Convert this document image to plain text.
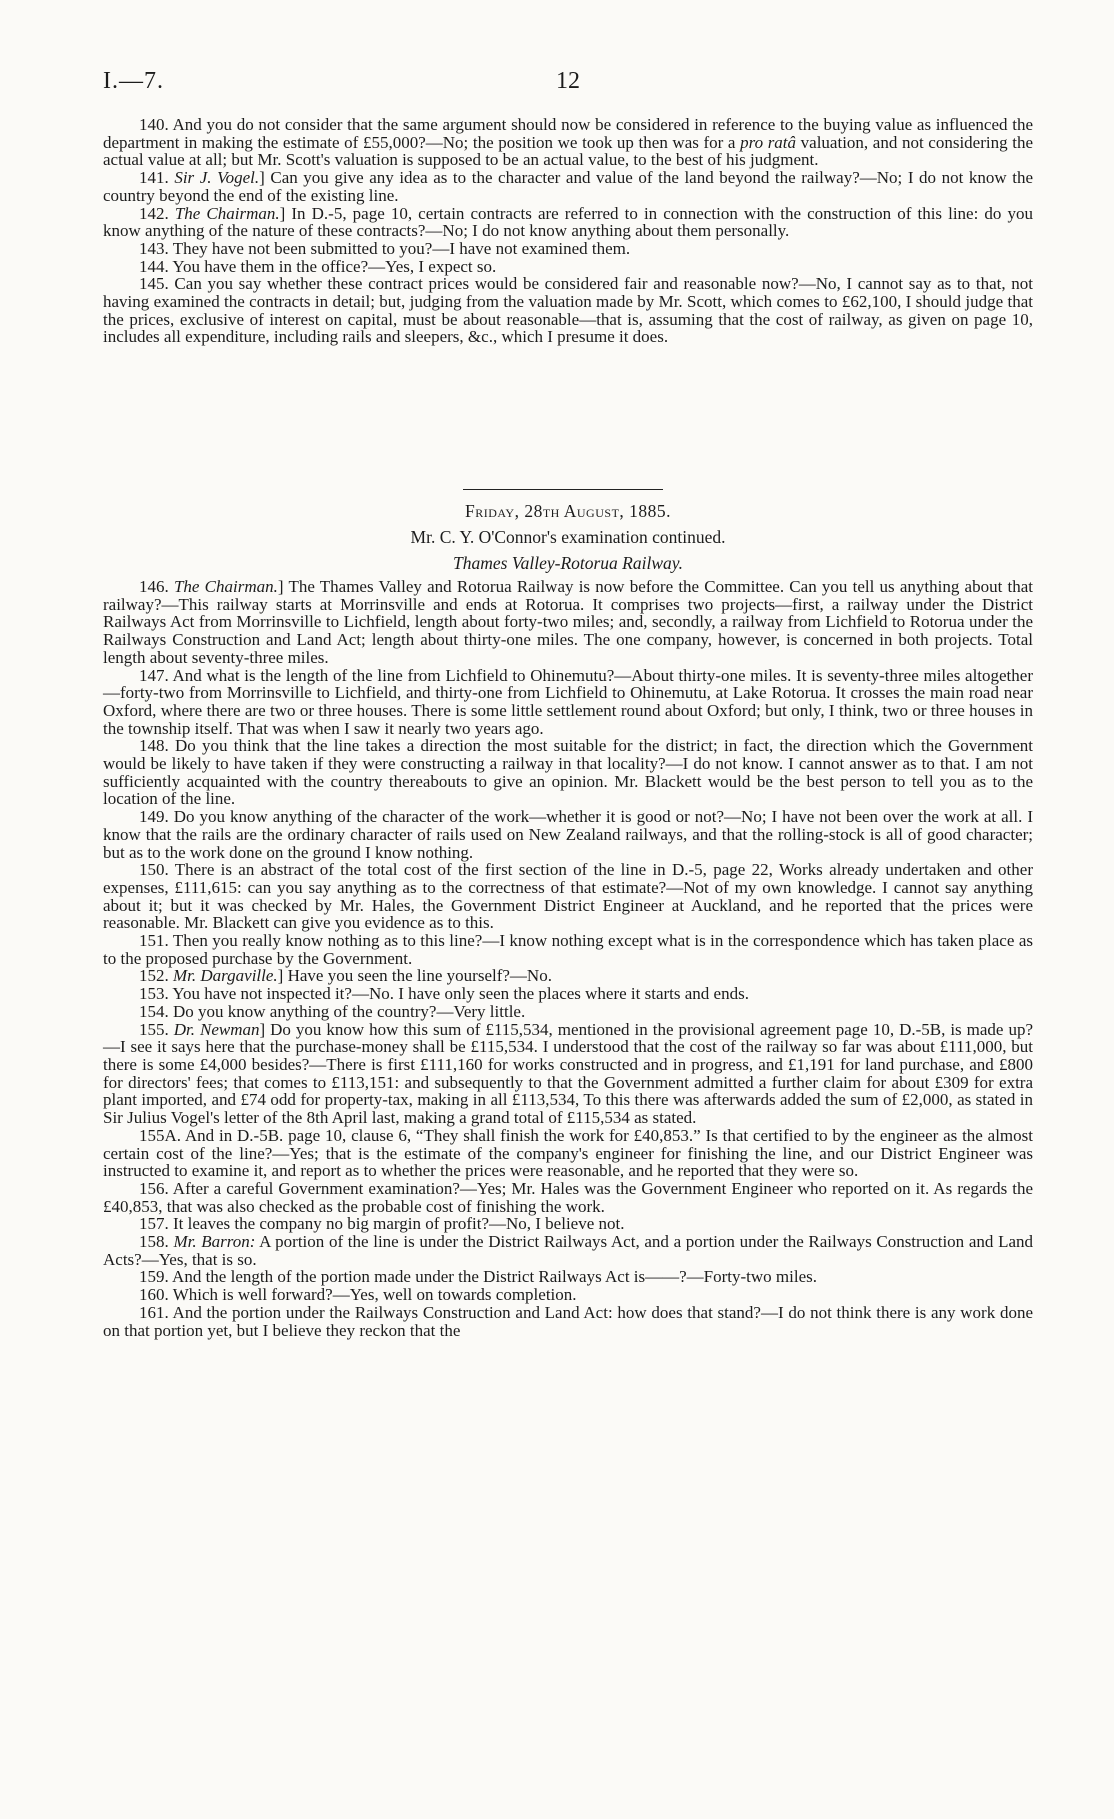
I.—7.	12

140. And you do not consider that the same argument should now be considered in reference to the buying value as influenced the department in making the estimate of £55,000?—No; the position we took up then was for a pro ratâ valuation, and not considering the actual value at all; but Mr. Scott's valuation is supposed to be an actual value, to the best of his judgment.

141. Sir J. Vogel.] Can you give any idea as to the character and value of the land beyond the railway?—No; I do not know the country beyond the end of the existing line.

142. The Chairman.] In D.-5, page 10, certain contracts are referred to in connection with the construction of this line: do you know anything of the nature of these contracts?—No; I do not know anything about them personally.

143. They have not been submitted to you?—I have not examined them.

144. You have them in the office?—Yes, I expect so.

145. Can you say whether these contract prices would be considered fair and reasonable now?—No, I cannot say as to that, not having examined the contracts in detail; but, judging from the valuation made by Mr. Scott, which comes to £62,100, I should judge that the prices, exclusive of interest on capital, must be about reasonable—that is, assuming that the cost of railway, as given on page 10, includes all expenditure, including rails and sleepers, &c., which I presume it does.

Friday, 28th August, 1885.
Mr. C. Y. O'Connor's examination continued.
Thames Valley-Rotorua Railway.

146. The Chairman.] The Thames Valley and Rotorua Railway is now before the Committee. Can you tell us anything about that railway?—This railway starts at Morrinsville and ends at Rotorua. It comprises two projects—first, a railway under the District Railways Act from Morrinsville to Lichfield, length about forty-two miles; and, secondly, a railway from Lichfield to Rotorua under the Railways Construction and Land Act; length about thirty-one miles. The one company, however, is concerned in both projects. Total length about seventy-three miles.

147. And what is the length of the line from Lichfield to Ohinemutu?—About thirty-one miles. It is seventy-three miles altogether—forty-two from Morrinsville to Lichfield, and thirty-one from Lichfield to Ohinemutu, at Lake Rotorua. It crosses the main road near Oxford, where there are two or three houses. There is some little settlement round about Oxford; but only, I think, two or three houses in the township itself. That was when I saw it nearly two years ago.

148. Do you think that the line takes a direction the most suitable for the district; in fact, the direction which the Government would be likely to have taken if they were constructing a railway in that locality?—I do not know. I cannot answer as to that. I am not sufficiently acquainted with the country thereabouts to give an opinion. Mr. Blackett would be the best person to tell you as to the location of the line.

149. Do you know anything of the character of the work—whether it is good or not?—No; I have not been over the work at all. I know that the rails are the ordinary character of rails used on New Zealand railways, and that the rolling-stock is all of good character; but as to the work done on the ground I know nothing.

150. There is an abstract of the total cost of the first section of the line in D.-5, page 22, Works already undertaken and other expenses, £111,615: can you say anything as to the correctness of that estimate?—Not of my own knowledge. I cannot say anything about it; but it was checked by Mr. Hales, the Government District Engineer at Auckland, and he reported that the prices were reasonable. Mr. Blackett can give you evidence as to this.

151. Then you really know nothing as to this line?—I know nothing except what is in the correspondence which has taken place as to the proposed purchase by the Government.

152. Mr. Dargaville.] Have you seen the line yourself?—No.

153. You have not inspected it?—No. I have only seen the places where it starts and ends.

154. Do you know anything of the country?—Very little.

155. Dr. Newman] Do you know how this sum of £115,534, mentioned in the provisional agreement page 10, D.-5B, is made up?—I see it says here that the purchase-money shall be £115,534. I understood that the cost of the railway so far was about £111,000, but there is some £4,000 besides?—There is first £111,160 for works constructed and in progress, and £1,191 for land purchase, and £800 for directors' fees; that comes to £113,151: and subsequently to that the Government admitted a further claim for about £309 for extra plant imported, and £74 odd for property-tax, making in all £113,534, To this there was afterwards added the sum of £2,000, as stated in Sir Julius Vogel's letter of the 8th April last, making a grand total of £115,534 as stated.

155A. And in D.-5B. page 10, clause 6, “They shall finish the work for £40,853.” Is that certified to by the engineer as the almost certain cost of the line?—Yes; that is the estimate of the company's engineer for finishing the line, and our District Engineer was instructed to examine it, and report as to whether the prices were reasonable, and he reported that they were so.

156. After a careful Government examination?—Yes; Mr. Hales was the Government Engineer who reported on it. As regards the £40,853, that was also checked as the probable cost of finishing the work.

157. It leaves the company no big margin of profit?—No, I believe not.

158. Mr. Barron: A portion of the line is under the District Railways Act, and a portion under the Railways Construction and Land Acts?—Yes, that is so.

159. And the length of the portion made under the District Railways Act is——?—Forty-two miles.

160. Which is well forward?—Yes, well on towards completion.

161. And the portion under the Railways Construction and Land Act: how does that stand?—I do not think there is any work done on that portion yet, but I believe they reckon that the
